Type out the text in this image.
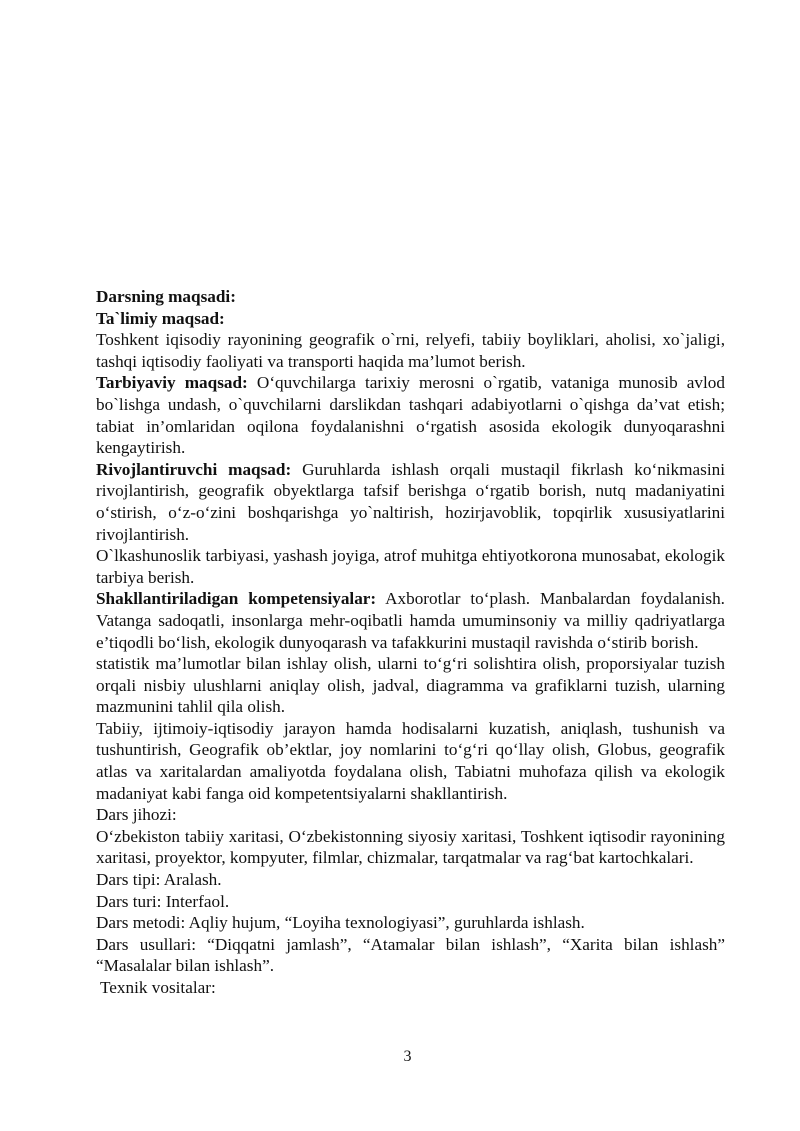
Darsning maqsadi:

Ta`limiy maqsad:

Toshkent iqisodiy rayonining geografik o`rni, relyefi, tabiiy boyliklari, aholisi, xo`jaligi, tashqi iqtisodiy faoliyati va transporti haqida ma’lumot berish.

Tarbiyaviy maqsad: O‘quvchilarga tarixiy merosni o`rgatib, vataniga munosib avlod bo`lishga undash, o`quvchilarni darslikdan tashqari adabiyotlarni o`qishga da’vat etish; tabiat in’omlaridan oqilona foydalanishni o‘rgatish asosida ekologik dunyoqarashni kengaytirish.

Rivojlantiruvchi maqsad: Guruhlarda ishlash orqali mustaqil fikrlash ko‘nikmasini rivojlantirish, geografik obyektlarga tafsif berishga o‘rgatib borish, nutq madaniyatini o‘stirish, o‘z-o‘zini boshqarishga yo`naltirish, hozirjavoblik, topqirlik xususiyatlarini rivojlantirish.

O`lkashunoslik tarbiyasi, yashash joyiga, atrof muhitga ehtiyotkorona munosabat, ekologik tarbiya berish.

Shakllantiriladigan kompetensiyalar: Axborotlar to‘plash. Manbalardan foydalanish. Vatanga sadoqatli, insonlarga mehr-oqibatli hamda umuminsoniy va milliy qadriyatlarga e’tiqodli bo‘lish, ekologik dunyoqarash va tafakkurini mustaqil ravishda o‘stirib borish.

statistik ma’lumotlar bilan ishlay olish, ularni to‘g‘ri solishtira olish, proporsiyalar tuzish orqali nisbiy ulushlarni aniqlay olish, jadval, diagramma va grafiklarni tuzish, ularning mazmunini tahlil qila olish.

Tabiiy, ijtimoiy-iqtisodiy jarayon hamda hodisalarni kuzatish, aniqlash, tushunish va tushuntirish, Geografik ob’ektlar, joy nomlarini to‘g‘ri qo‘llay olish, Globus, geografik atlas va xaritalardan amaliyotda foydalana olish, Tabiatni muhofaza qilish va ekologik madaniyat kabi fanga oid kompetentsiyalarni shakllantirish.

Dars jihozi:

O‘zbekiston tabiiy xaritasi, O‘zbekistonning siyosiy xaritasi, Toshkent iqtisodir rayonining xaritasi, proyektor, kompyuter, filmlar, chizmalar, tarqatmalar va rag‘bat kartochkalari.

Dars tipi: Aralash.

Dars turi: Interfaol.

Dars metodi: Aqliy hujum, “Loyiha texnologiyasi”, guruhlarda ishlash.

Dars usullari: “Diqqatni jamlash”, “Atamalar bilan ishlash”, “Xarita bilan ishlash” “Masalalar bilan ishlash”.

Texnik vositalar:

3
